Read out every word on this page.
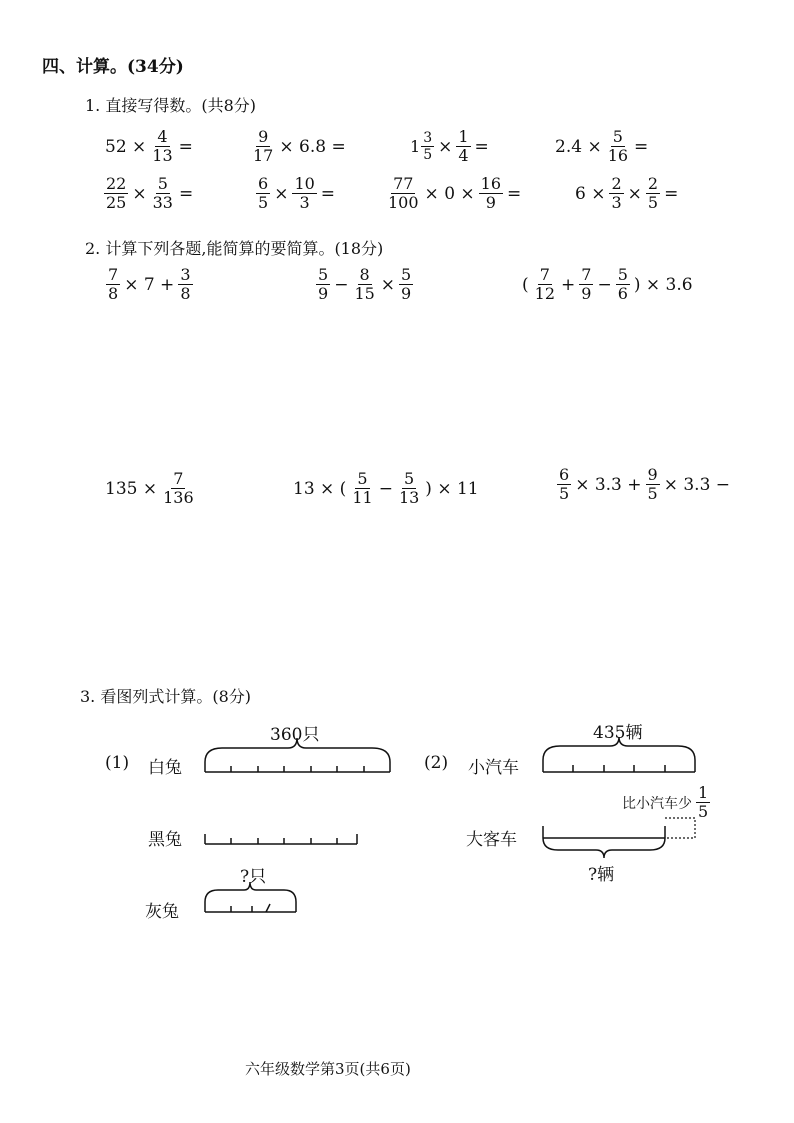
四、计算。(34分)
1. 直接写得数。(共8分)
$52 \times \frac{4}{13}$ =	$\frac{9}{17} \times 6.8$ =	$1 \frac{3}{5} \times \frac{1}{4}$ =	$2.4 \times \frac{5}{16}$ =
$\frac{22}{25} \times \frac{5}{33}$ =	$\frac{6}{5} \times \frac{10}{3}$ =	$\frac{77}{100} \times 0 \times \frac{16}{9}$ =	$6 \times \frac{2}{3} \times \frac{2}{5}$ =
2. 计算下列各题,能简算的要简算。(18分)
$\frac{7}{8} \times 7 + \frac{3}{8}$	$\frac{5}{9} - \frac{8}{15} \times \frac{5}{9}$	( $\frac{7}{12} + \frac{7}{9} - \frac{5}{6}$ ) × 3.6
$135 \times \frac{7}{136}$	13 × ( $\frac{5}{11} - \frac{5}{13}$ ) × 11	$\frac{6}{5} \times 3.3 + \frac{9}{5} \times 3.3$ −
3. 看图列式计算。(8分)
(1) 白兔
360只
黑兔
?只
灰兔
(2) 小汽车
435辆
大客车
比小汽车少 $\frac{1}{5}$
?辆
六年级数学第3页(共6页)
